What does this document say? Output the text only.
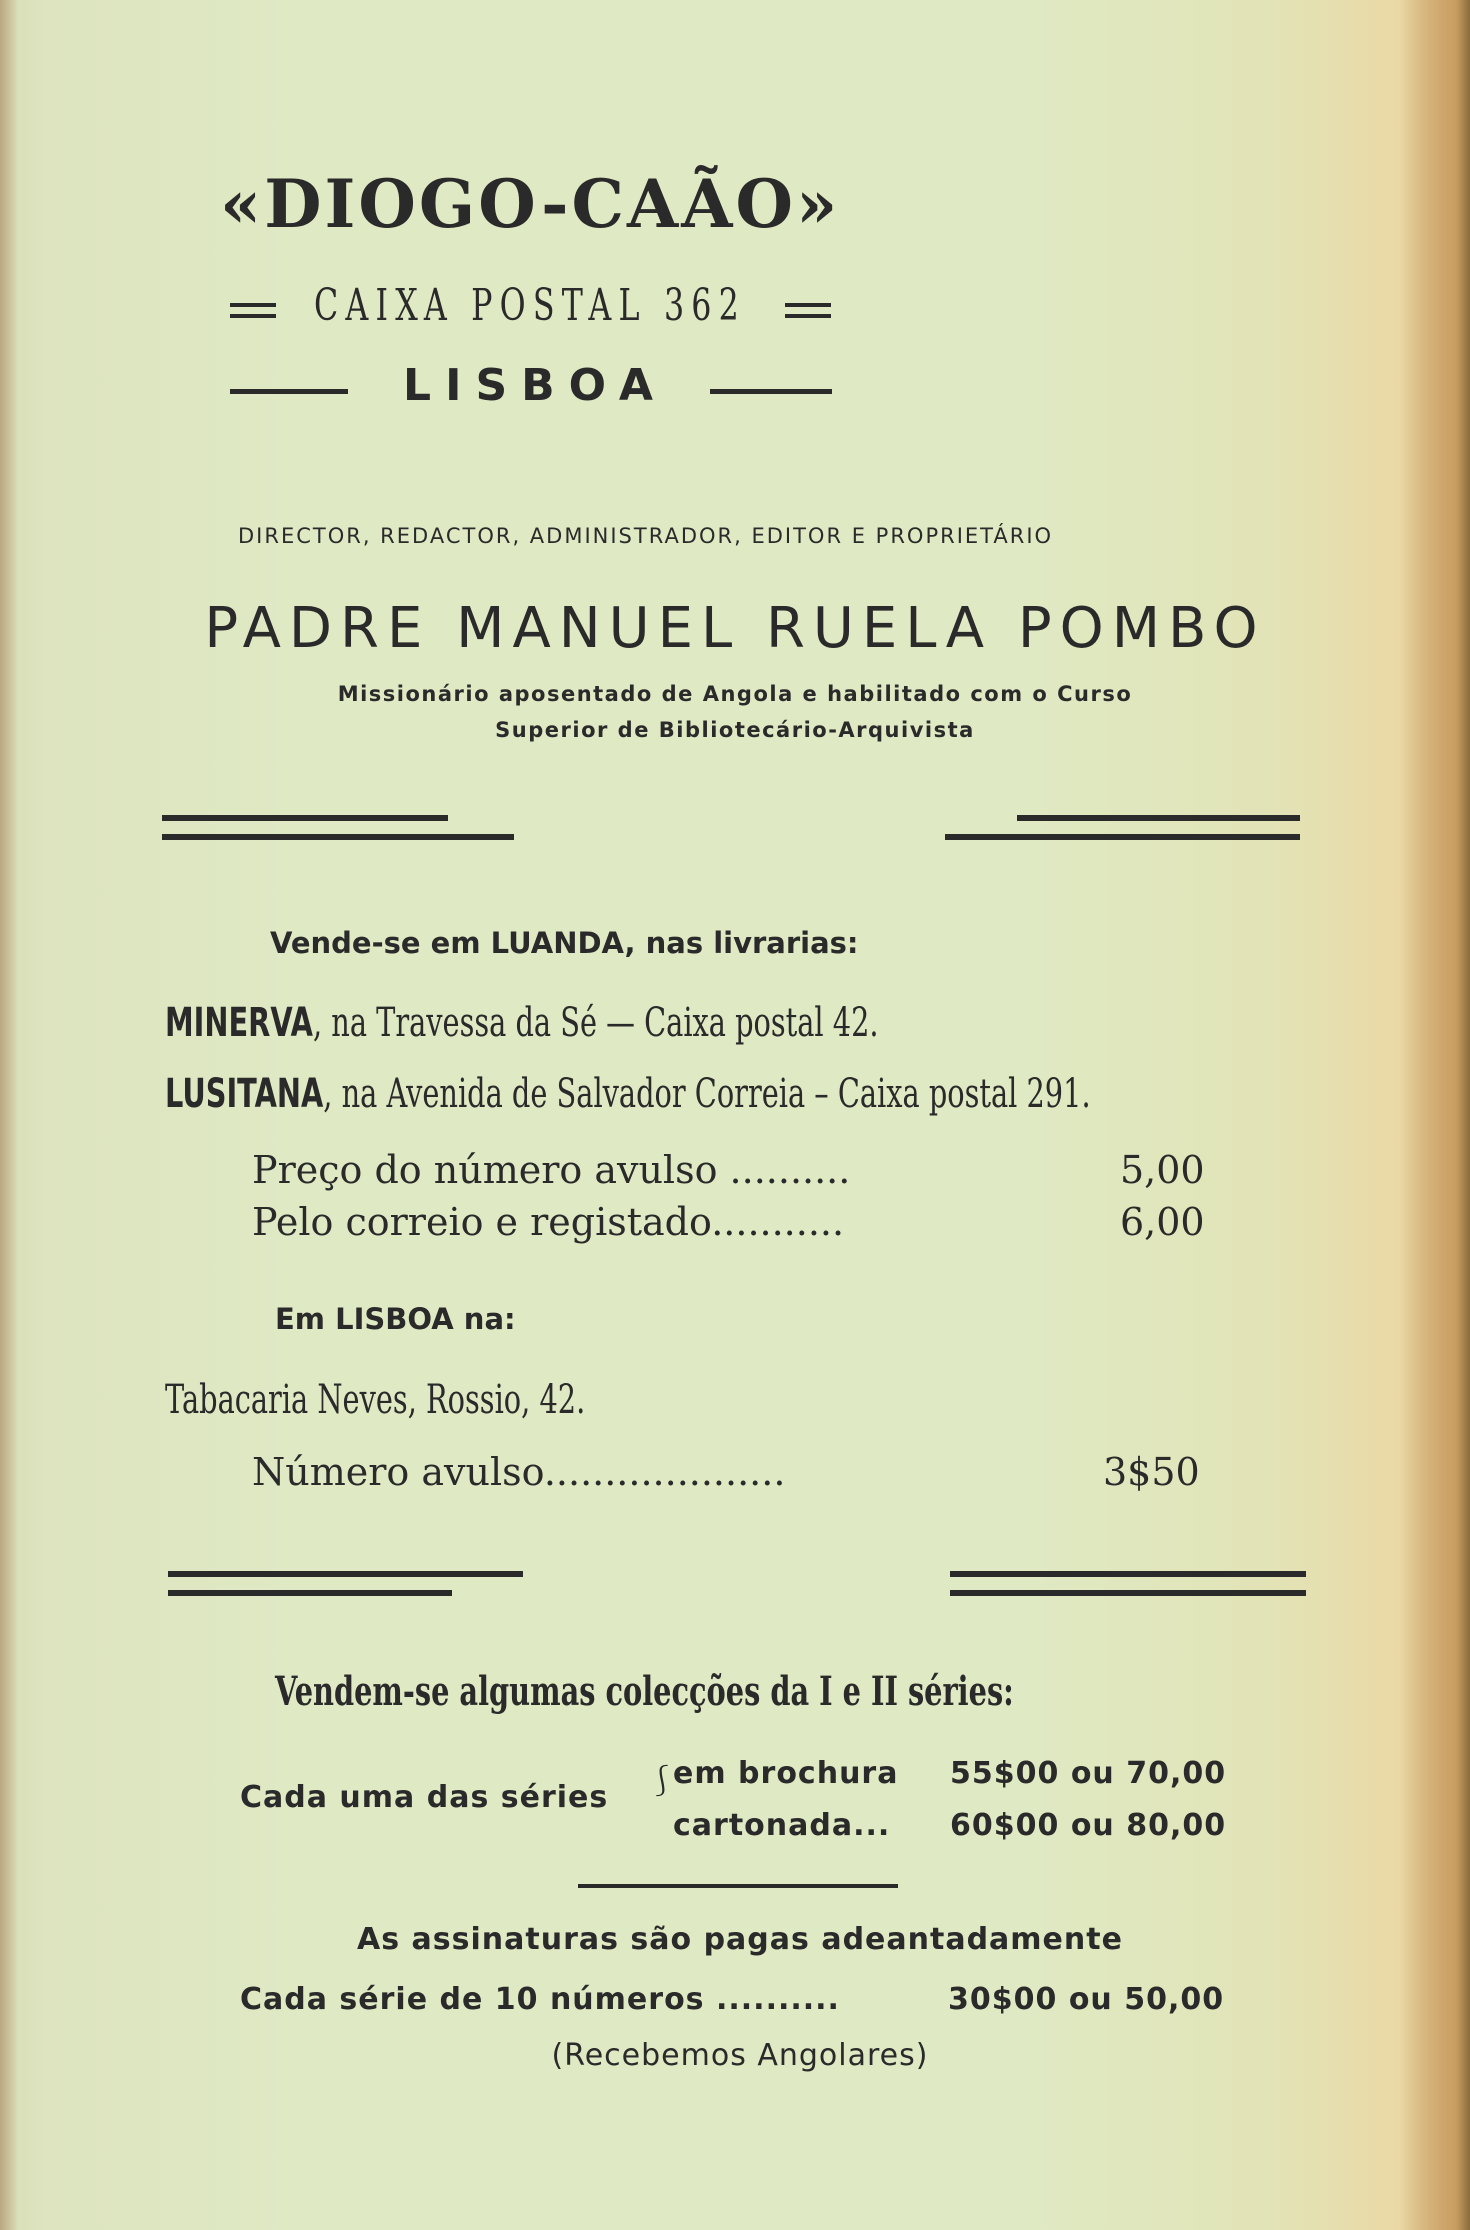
«DIOGO-CAÃO»
CAIXA POSTAL 362
LISBOA
DIRECTOR, REDACTOR, ADMINISTRADOR, EDITOR E PROPRIETÁRIO
PADRE MANUEL RUELA POMBO
Missionário aposentado de Angola e habilitado com o Curso
Superior de Bibliotecário-Arquivista
Vende-se em LUANDA, nas livrarias:
MINERVA, na Travessa da Sé — Caixa postal 42.
LUSITANA, na Avenida de Salvador Correia – Caixa postal 291.
Preço do número avulso ..........	5,00
Pelo correio e registado...........	6,00
Em LISBOA na:
Tabacaria Neves, Rossio, 42.
Número avulso....................	3$50
Vendem-se algumas colecções da I e II séries:
Cada uma das séries ⎰
em brochura 55$00 ou 70,00
cartonada... 60$00 ou 80,00
As assinaturas são pagas adeantadamente
Cada série de 10 números ..........	30$00 ou 50,00
(Recebemos Angolares)
